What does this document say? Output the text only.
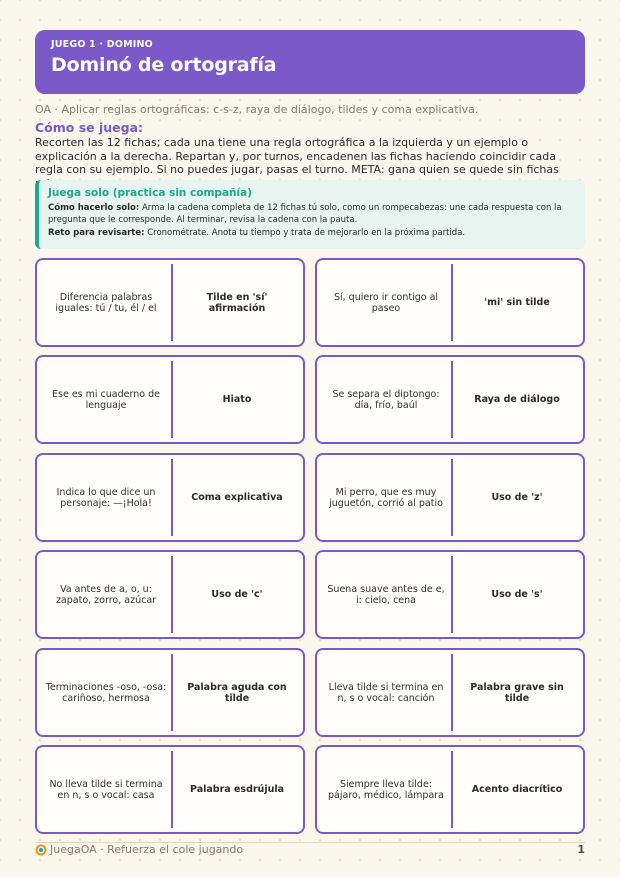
JUEGO 1 · DOMINO
Dominó de ortografía
OA · Aplicar reglas ortográficas: c-s-z, raya de diálogo, tildes y coma explicativa.
Cómo se juega:
Recorten las 12 fichas; cada una tiene una regla ortográfica a la izquierda y un ejemplo o explicación a la derecha. Repartan y, por turnos, encadenen las fichas haciendo coincidir cada regla con su ejemplo. Si no puedes jugar, pasas el turno. META: gana quien se quede sin fichas
Juega solo (practica sin compañía)
Cómo hacerlo solo: Arma la cadena completa de 12 fichas tú solo, como un rompecabezas: une cada respuesta con la pregunta que le corresponde. Al terminar, revisa la cadena con la pauta.
Reto para revisarte: Cronométrate. Anota tu tiempo y trata de mejorarlo en la próxima partida.
Diferencia palabras iguales: tú / tu, él / el
Tilde en 'sí' afirmación
Sí, quiero ir contigo al paseo	'mi' sin tilde
Ese es mi cuaderno de lenguaje	Hiato	Se separa el diptongo: día, frío, baúl	Raya de diálogo
Indica lo que dice un personaje: —¡Hola!	Coma explicativa	Mi perro, que es muy juguetón, corrió al patio	Uso de 'z'
Va antes de a, o, u: zapato, zorro, azúcar	Uso de 'c'	Suena suave antes de e, i: cielo, cena	Uso de 's'
Terminaciones -oso, -osa: cariñoso, hermosa
Palabra aguda con tilde
Lleva tilde si termina en n, s o vocal: canción
Palabra grave sin tilde
No lleva tilde si termina en n, s o vocal: casa	Palabra esdrújula	Siempre lleva tilde: pájaro, médico, lámpara	Acento diacrítico
JuegaOA · Refuerza el cole jugando	1
